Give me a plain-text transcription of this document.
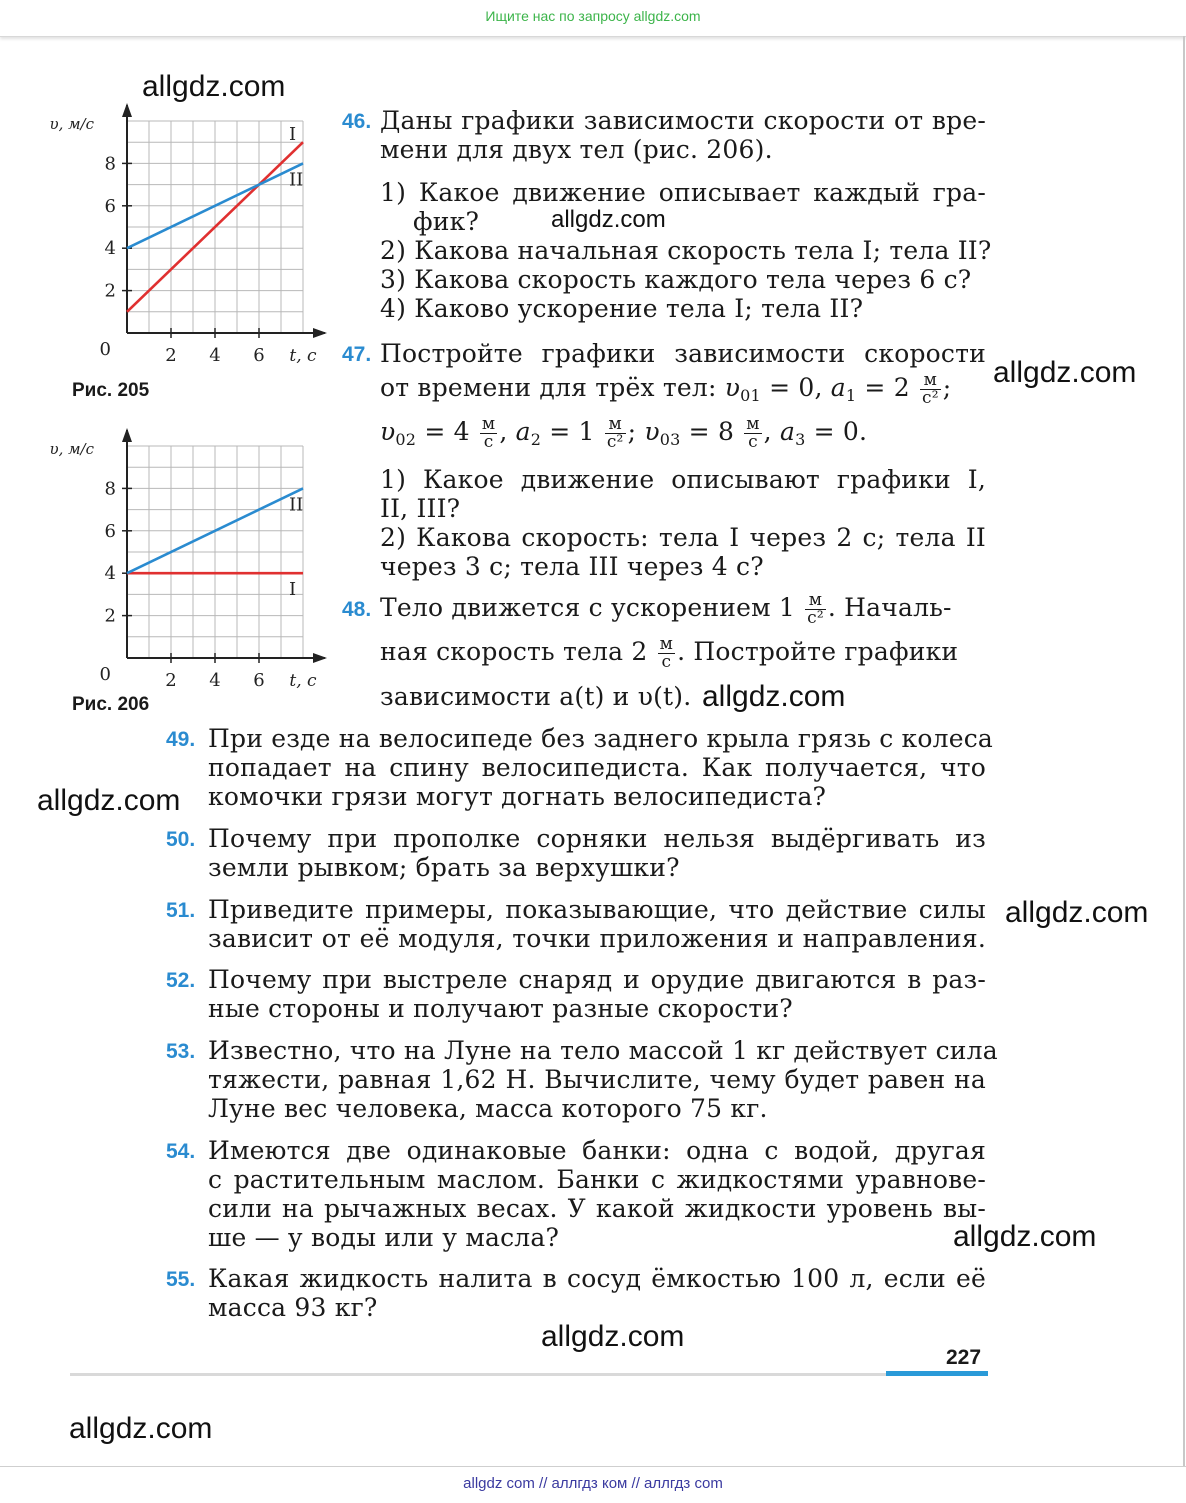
Ищите нас по запросу allgdz.com
allgdz.com
allgdz.com
allgdz.com
allgdz.com
allgdz.com
allgdz.com
allgdz.com
allgdz.com
allgdz.com
2
4
6
8
2 4 6
0	t, с
υ, м/с
I
II
Рис. 205
2
4
6
8
2 4 6
0	t, с
υ, м/с
I
II
Рис. 206
46. Даны графики зависимости скорости от вре-
мени для двух тел (рис. 206).
1) Какое движение описывает каждый гра-
фик?
2) Какова начальная скорость тела I; тела II?
3) Какова скорость каждого тела через 6 с?
4) Каково ускорение тела I; тела II?
47. Постройте графики зависимости скорости
от времени для трёх тел: $\upsilon_{01} = 0$, $a_1 = 2 \frac{м}{\text{с²}}$ ;
$\upsilon_{02} = 4 \frac{м}{с}$ , $a_2 = 1 \frac{м}{\text{с²}}$ ; $\upsilon_{03} = 8 \frac{м}{с}$ , $a_3 = 0$.
1) Какое движение описывают графики I,
II, III?
2) Какова скорость: тела I через 2 с; тела II
через 3 с; тела III через 4 с?
48. Тело движется с ускорением $1 \frac{м}{\text{с²}}$ . Началь-
ная скорость тела $2 \frac{м}{с}$ . Постройте графики
зависимости a(t) и υ(t).
49. При езде на велосипеде без заднего крыла грязь с колеса
попадает на спину велосипедиста. Как получается, что
комочки грязи могут догнать велосипедиста?
50. Почему при прополке сорняки нельзя выдёргивать из
земли рывком; брать за верхушки?
51. Приведите примеры, показывающие, что действие силы
зависит от её модуля, точки приложения и направления.
52. Почему при выстреле снаряд и орудие двигаются в раз-
ные стороны и получают разные скорости?
53. Известно, что на Луне на тело массой 1 кг действует сила
тяжести, равная 1,62 Н. Вычислите, чему будет равен на
Луне вес человека, масса которого 75 кг.
54. Имеются две одинаковые банки: одна с водой, другая
с растительным маслом. Банки с жидкостями уравнове-
сили на рычажных весах. У какой жидкости уровень вы-
ше — у воды или у масла?
55. Какая жидкость налита в сосуд ёмкостью 100 л, если её
масса 93 кг?
227
allgdz com // аллгдз ком // аллгдз com
